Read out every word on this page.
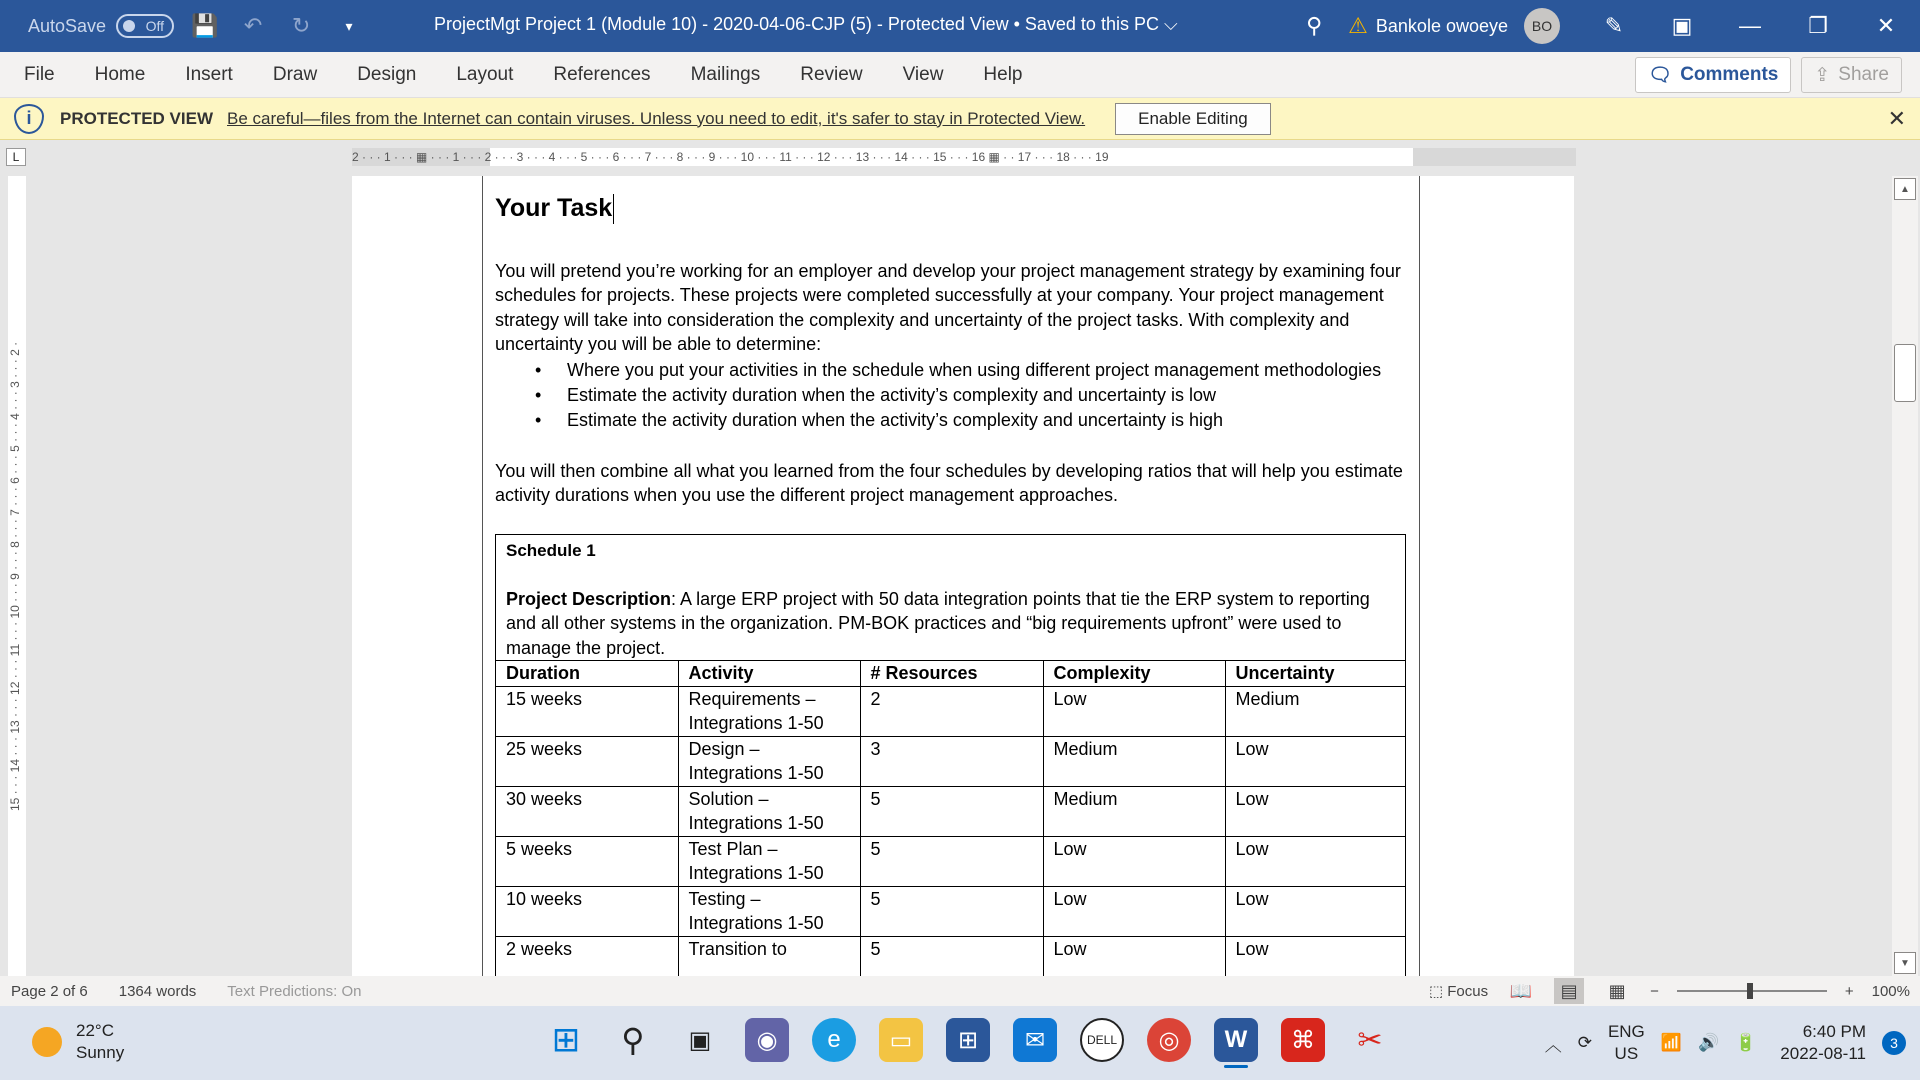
AutoSave	Off	💾	↶	↻	▾	ProjectMgt Project 1 (Module 10) - 2020-04-06-CJP (5) - Protected View • Saved to this PC ⌵	⚲	⚠ Bankole owoeye	BO	✎	▣	—	❐	✕
File	Home	Insert	Draw	Design	Layout	References	Mailings	Review	View	Help	🗨 Comments ⇪ Share
i	PROTECTED VIEW Be careful—files from the Internet can contain viruses. Unless you need to edit, it's safer to stay in Protected View.	Enable Editing	✕
L	2 · · · 1 · · · ▦ · · · 1 · · · 2 · · · 3 · · · 4 · · · 5 · · · 6 · · · 7 · · · 8 · · · 9 · · · 10 · · · 11 · · · 12 · · · 13 · · · 14 · · · 15 · · · 16 ▦ · · 17 · · · 18 · · · 19
15 · · · 14 · · · 13 · · · 12 · · · 11 · · · 10 · · · 9 · · · 8 · · · 7 · · · 6 · · · 5 · · · 4 · · · 3 · · · 2 ·
Your Task

You will pretend you’re working for an employer and develop your project management strategy by examining four schedules for projects. These projects were completed successfully at your company. Your project management strategy will take into consideration the complexity and uncertainty of the project tasks. With complexity and uncertainty you will be able to determine:

• Where you put your activities in the schedule when using different project management methodologies
• Estimate the activity duration when the activity’s complexity and uncertainty is low
• Estimate the activity duration when the activity’s complexity and uncertainty is high

You will then combine all what you learned from the four schedules by developing ratios that will help you estimate activity durations when you use the different project management approaches.

Schedule 1
Project Description: A large ERP project with 50 data integration points that tie the ERP system to reporting and all other systems in the organization. PM-BOK practices and “big requirements upfront” were used to manage the project.
Duration	Activity	# Resources	Complexity	Uncertainty
15 weeks	Requirements – Integrations 1-50	2	Low	Medium
25 weeks	Design – Integrations 1-50	3	Medium	Low
30 weeks	Solution – Integrations 1-50	5	Medium	Low
5 weeks	Test Plan – Integrations 1-50	5	Low	Low
10 weeks	Testing – Integrations 1-50	5	Low	Low
2 weeks	Transition to	5	Low	Low
▲
▼
Page 2 of 6 1364 words Text Predictions: On	⬚ Focus 📖	▤	▦	−	+ 100%
22°C
Sunny	⊞	⚲	▣	◉	e	▭	⊞	✉	DELL	◎	W	⌘	✂	︿ ⟳
ENG
US
📶 🔊 🔋
6:40 PM
2022-08-11
3
